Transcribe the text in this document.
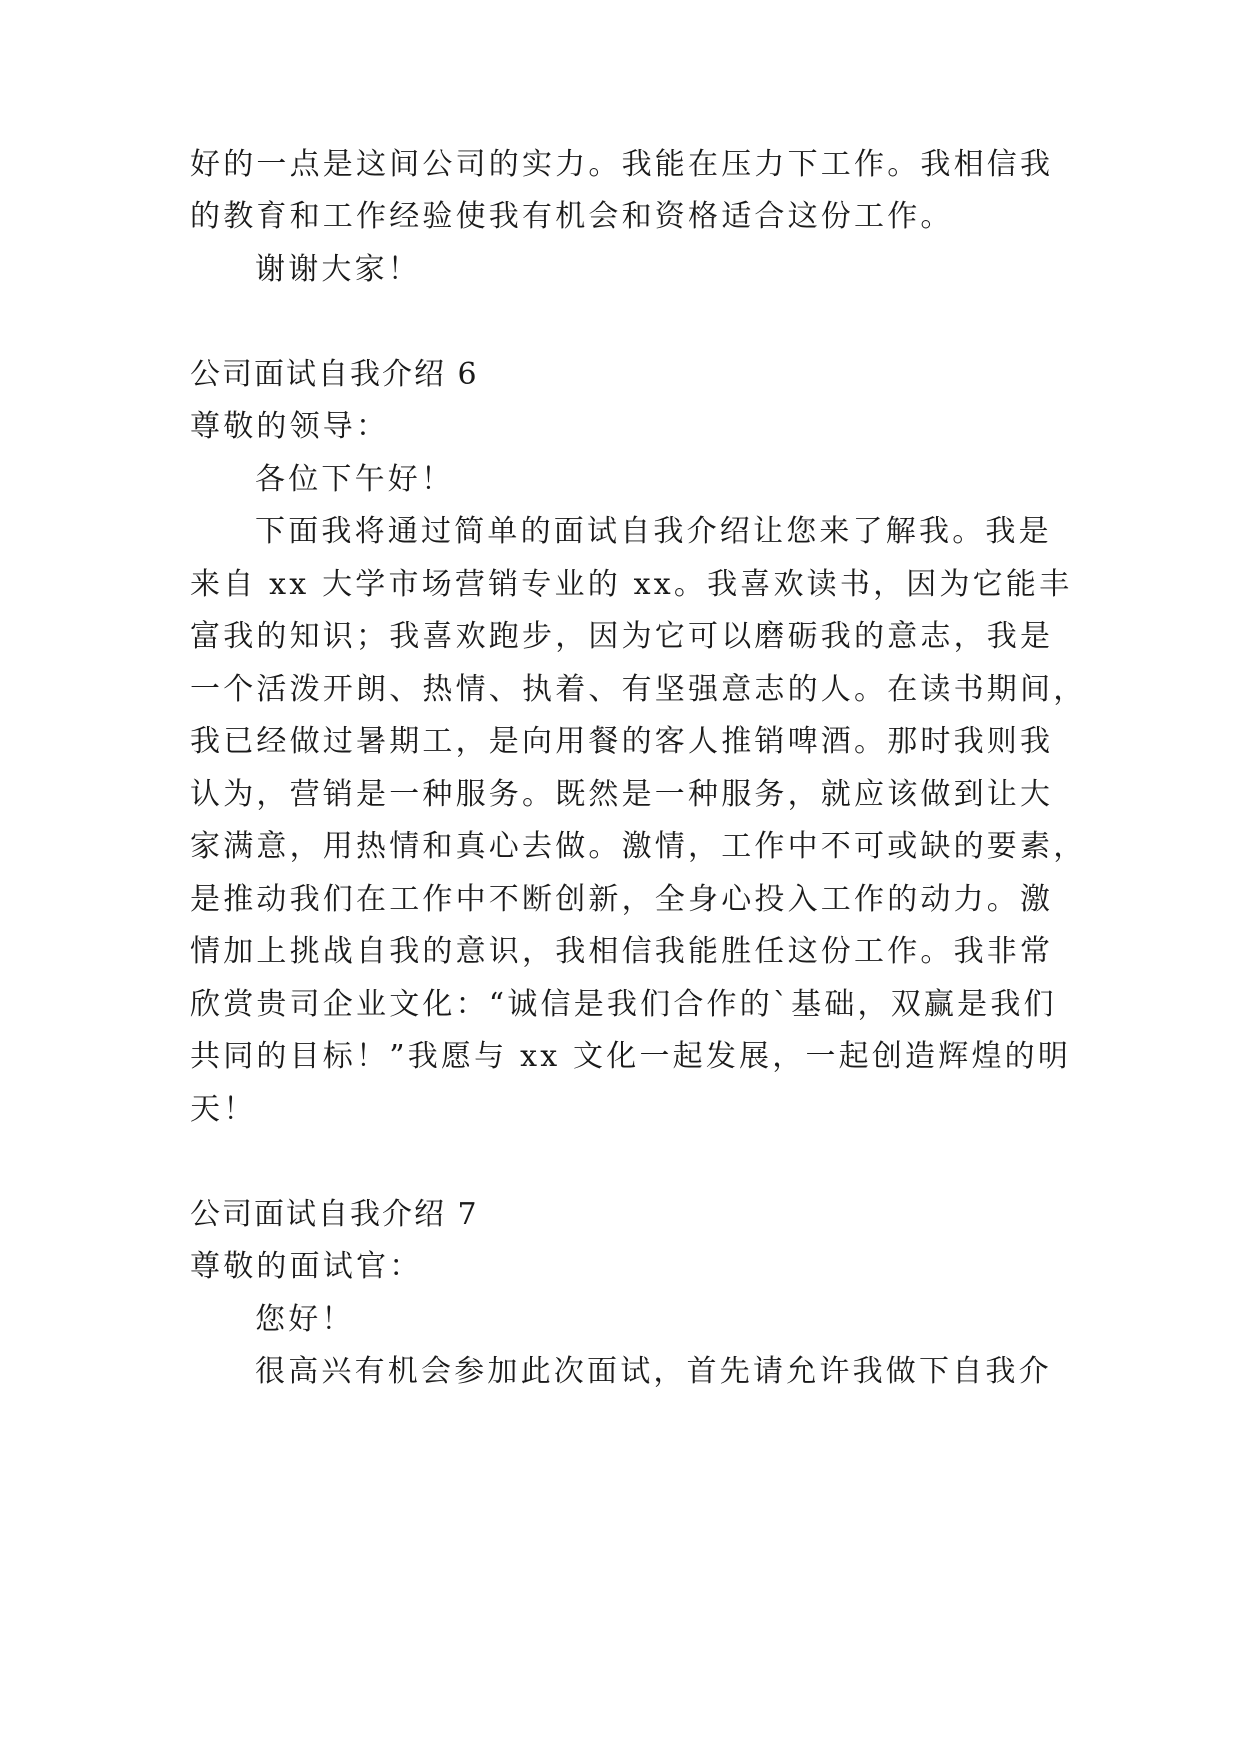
好的一点是这间公司的实力。我能在压力下工作。我相信我
的教育和工作经验使我有机会和资格适合这份工作。
谢谢大家！
公司面试自我介绍 6
尊敬的领导：
各位下午好！
下面我将通过简单的面试自我介绍让您来了解我。我是
来自 xx 大学市场营销专业的 xx。我喜欢读书，因为它能丰
富我的知识；我喜欢跑步，因为它可以磨砺我的意志，我是
一个活泼开朗、热情、执着、有坚强意志的人。在读书期间，
我已经做过暑期工，是向用餐的客人推销啤酒。那时我则我
认为，营销是一种服务。既然是一种服务，就应该做到让大
家满意，用热情和真心去做。激情，工作中不可或缺的要素，
是推动我们在工作中不断创新，全身心投入工作的动力。激
情加上挑战自我的意识，我相信我能胜任这份工作。我非常
欣赏贵司企业文化：“诚信是我们合作的`基础，双赢是我们
共同的目标！”我愿与 xx 文化一起发展，一起创造辉煌的明
天！
公司面试自我介绍 7
尊敬的面试官：
您好！
很高兴有机会参加此次面试，首先请允许我做下自我介
